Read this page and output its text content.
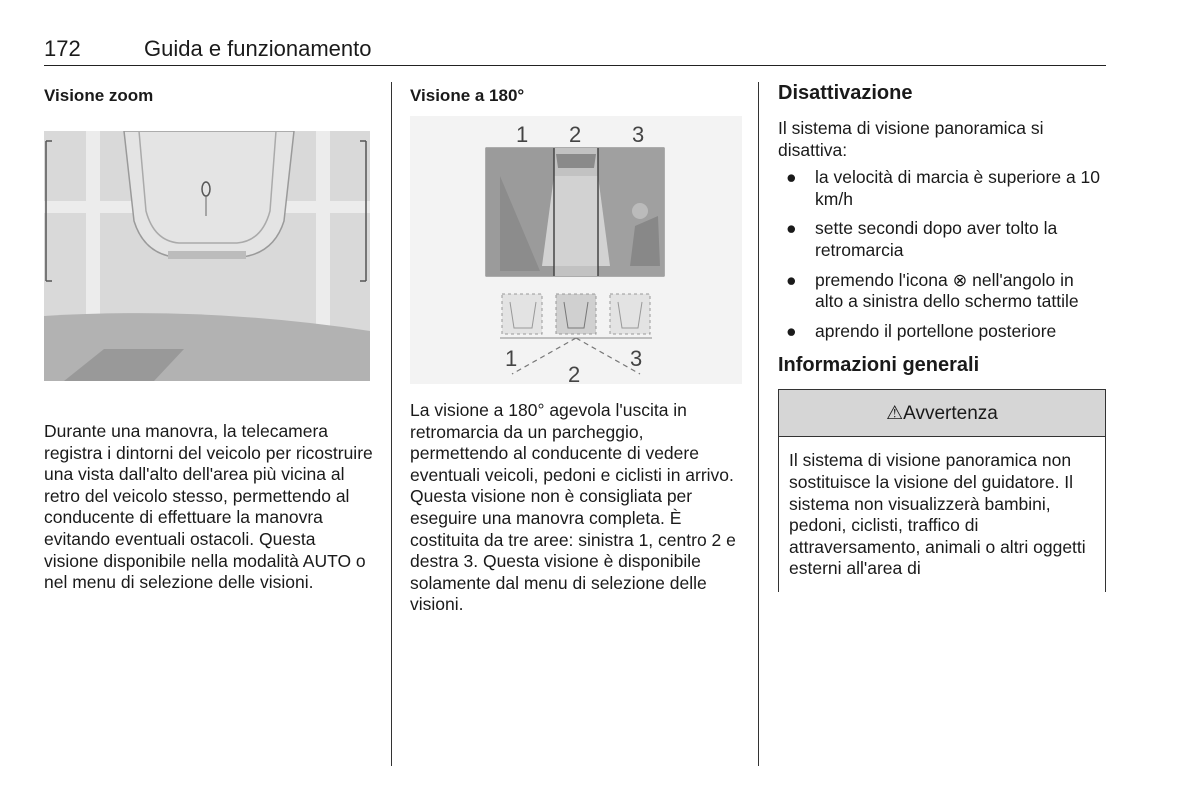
172	Guida e funzionamento
Visione zoom
Durante una manovra, la telecamera registra i dintorni del veicolo per ricostruire una vista dall'alto dell'area più vicina al retro del veicolo stesso, permettendo al conducente di effettuare la manovra evitando eventuali ostacoli. Questa visione disponibile nella modalità AUTO o nel menu di selezione delle visioni.
Visione a 180°
1 2 3
1
2
3
La visione a 180° agevola l'uscita in retromarcia da un parcheggio, permettendo al conducente di vedere eventuali veicoli, pedoni e ciclisti in arrivo. Questa visione non è consigliata per eseguire una manovra completa. È costituita da tre aree: sinistra 1, centro 2 e destra 3. Questa visione è disponibile solamente dal menu di selezione delle visioni.
Disattivazione
Il sistema di visione panoramica si disattiva:
● la velocità di marcia è superiore a 10 km/h
● sette secondi dopo aver tolto la retromarcia
● premendo l'icona ⊗ nell'angolo in alto a sinistra dello schermo tattile
● aprendo il portellone posteriore
Informazioni generali
⚠Avvertenza
Il sistema di visione panoramica non sostituisce la visione del guidatore. Il sistema non visualizzerà bambini, pedoni, ciclisti, traffico di attraversamento, animali o altri oggetti esterni all'area di
